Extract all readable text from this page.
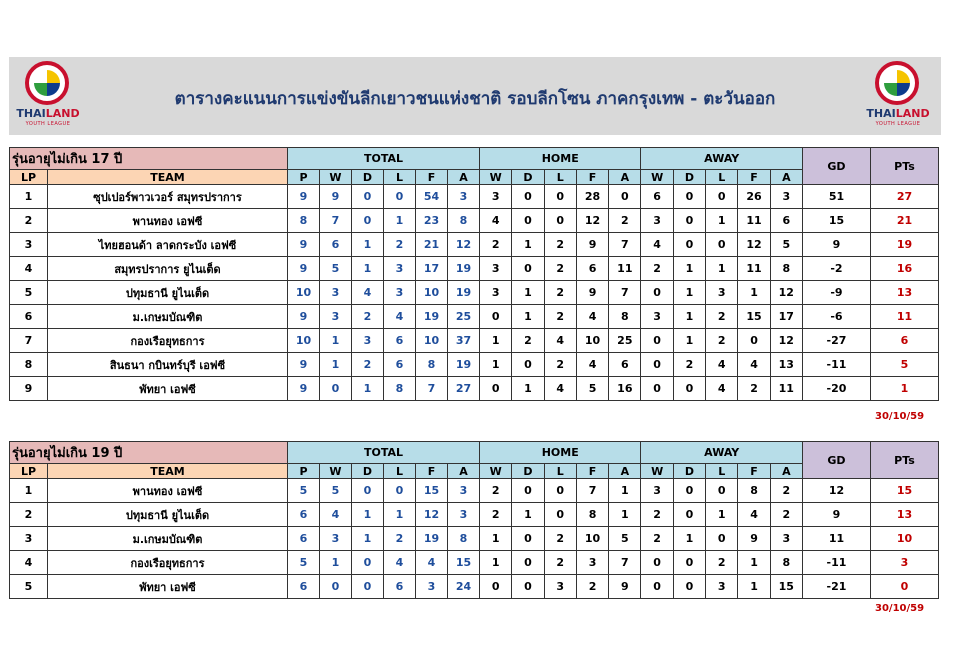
THAILAND
YOUTH LEAGUE
ตารางคะแนนการแข่งขันลีกเยาวชนแห่งชาติ รอบลีกโซน ภาคกรุงเทพ - ตะวันออก
THAILAND
YOUTH LEAGUE
รุ่นอายุไม่เกิน 17 ปี		TOTAL						HOME					AWAY					GD	PTs
LP	TEAM	P	W	D	L	F	A	W	D	L	F	A	W	D	L	F	A		
1	ซุปเปอร์พาวเวอร์ สมุทรปราการ	9	9	0	0	54	3	3	0	0	28	0	6	0	0	26	3	51	27
2	พานทอง เอฟซี	8	7	0	1	23	8	4	0	0	12	2	3	0	1	11	6	15	21
3	ไทยฮอนด้า ลาดกระบัง เอฟซี	9	6	1	2	21	12	2	1	2	9	7	4	0	0	12	5	9	19
4	สมุทรปราการ ยูไนเต็ด	9	5	1	3	17	19	3	0	2	6	11	2	1	1	11	8	-2	16
5	ปทุมธานี ยูไนเต็ด	10	3	4	3	10	19	3	1	2	9	7	0	1	3	1	12	-9	13
6	ม.เกษมบัณฑิต	9	3	2	4	19	25	0	1	2	4	8	3	1	2	15	17	-6	11
7	กองเรือยุทธการ	10	1	3	6	10	37	1	2	4	10	25	0	1	2	0	12	-27	6
8	สินธนา กบินทร์บุรี เอฟซี	9	1	2	6	8	19	1	0	2	4	6	0	2	4	4	13	-11	5
9	พัทยา เอฟซี	9	0	1	8	7	27	0	1	4	5	16	0	0	4	2	11	-20	1
30/10/59
รุ่นอายุไม่เกิน 19 ปี		TOTAL						HOME					AWAY					GD	PTs
LP	TEAM	P	W	D	L	F	A	W	D	L	F	A	W	D	L	F	A		
1	พานทอง เอฟซี	5	5	0	0	15	3	2	0	0	7	1	3	0	0	8	2	12	15
2	ปทุมธานี ยูไนเต็ด	6	4	1	1	12	3	2	1	0	8	1	2	0	1	4	2	9	13
3	ม.เกษมบัณฑิต	6	3	1	2	19	8	1	0	2	10	5	2	1	0	9	3	11	10
4	กองเรือยุทธการ	5	1	0	4	4	15	1	0	2	3	7	0	0	2	1	8	-11	3
5	พัทยา เอฟซี	6	0	0	6	3	24	0	0	3	2	9	0	0	3	1	15	-21	0
30/10/59
